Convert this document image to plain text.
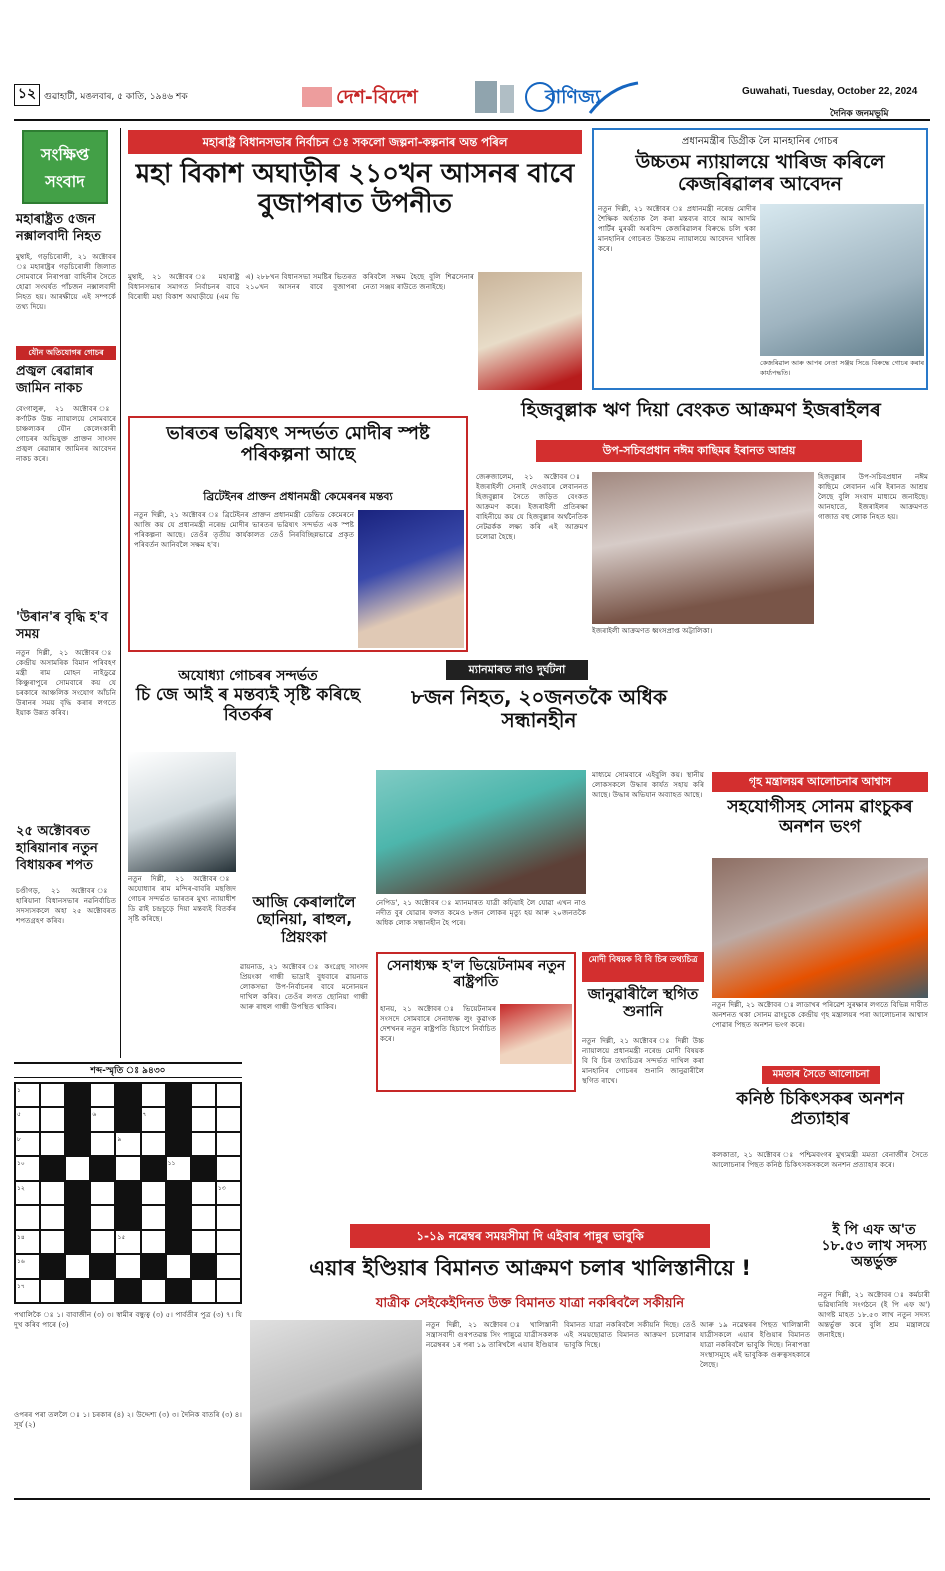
১২ গুৱাহাটী, মঙলবাৰ, ৫ কাতি, ১৯৪৬ শক	দেশ-বিদেশ	বাণিজ্য	Guwahati, Tuesday, October 22, 2024
দৈনিক জনমভূমি
সংক্ষিপ্ত
সংবাদ
মহাৰাষ্ট্ৰত ৫জন নক্সালবাদী নিহত
মুম্বাই, গড়চিৰোলী, ২১ অক্টোবৰ ঃ মহাৰাষ্ট্ৰৰ গড়চিৰোলী জিলাত সোমবাৰে নিৰাপত্তা বাহিনীৰ সৈতে হোৱা সংঘৰ্ষত পাঁচজন নক্সালবাদী নিহত হয়। আৰক্ষীয়ে এই সম্পৰ্কে তথ্য দিয়ে।
যৌন অতিযোগৰ গোচৰ
প্ৰজ্বল ৰেৱান্নাৰ জামিন নাকচ
বেংগালুৰু, ২১ অক্টোবৰ ঃ কৰ্ণাটক উচ্চ ন্যায়ালয়ে সোমবাৰে চাঞ্চল্যকৰ যৌন কেলেংকাৰী গোচৰৰ অভিযুক্ত প্ৰাক্তন সাংসদ প্ৰজ্বল ৰেৱান্নাৰ জামিনৰ আবেদন নাকচ কৰে।
'উৰান'ৰ বৃদ্ধি হ'ব সময়
নতুন দিল্লী, ২১ অক্টোবৰ ঃ কেন্দ্ৰীয় অসামৰিক বিমান পৰিবহণ মন্ত্ৰী ৰাম মোহন নাইডুৱে কিঞ্চুৰাপুৰে সোমবাৰে কয় যে চৰকাৰে আঞ্চলিক সংযোগ আঁচনি উৰানৰ সময় বৃদ্ধি কৰাৰ লগতে ইয়াক উন্নত কৰিব।
২৫ অক্টোবৰত হাৰিয়ানাৰ নতুন বিধায়কৰ শপত
চণ্ডীগড়, ২১ অক্টোবৰ ঃ হাৰিয়ানা বিধানসভাৰ নৱনিৰ্বাচিত সদস্যসকলে অহা ২৫ অক্টোবৰত শপতগ্ৰহণ কৰিব।
শব্দ-স্মৃতি ঃ ৯৪৩০
১
৫	৬	৭
৮	৯
১০	১১
১২	১৩
১৪	১৫
১৬
১৭
পথালিকৈ ঃ ১। বাবাজীন (৩) ৩। স্বামীৰ বন্ধুত্ব (৩) ৫। পাৰ্বতীৰ পুত্ৰ (৩) ৭। যি দুখ কৰিব পাৰে (৩)
ওপৰৰ পৰা তললৈ ঃ ১। চৰকাৰ (৪) ২। উদ্দেশ্য (৩) ৩। দৈনিক বাতৰি (৩) ৪। সূৰ্য (২)
মহাৰাষ্ট্ৰ বিধানসভাৰ নিৰ্বাচন ঃ সকলো জল্পনা-কল্পনাৰ অন্ত পৰিল
মহা বিকাশ অঘাড়ীৰ ২১০খন আসনৰ বাবে বুজাপৰাত উপনীত
মুম্বাই, ২১ অক্টোবৰ ঃ মহাৰাষ্ট্ৰ বিধানসভাৰ সমাগত নিৰ্বাচনৰ বাবে বিৰোধী মহা বিকাশ অঘাড়ীয়ে (এম ভি এ) ২৮৮খন বিধানসভা সমষ্টিৰ ভিতৰত ২১০খন আসনৰ বাবে বুজাপৰা কৰিবলৈ সক্ষম হৈছে বুলি শিৱসেনাৰ নেতা সঞ্জয় ৰাউতে জনাইছে।
প্ৰধানমন্ত্ৰীৰ ডিগ্ৰীক লৈ মানহানিৰ গোচৰ
উচ্চতম ন্যায়ালয়ে খাৰিজ কৰিলে কেজৰিৱালৰ আবেদন
নতুন দিল্লী, ২১ অক্টোবৰ ঃ প্ৰধানমন্ত্ৰী নৰেন্দ্ৰ মোদীৰ শৈক্ষিক অৰ্হতাক লৈ কৰা মন্তব্যৰ বাবে আম আদমি পাৰ্টিৰ মুৰব্বী অৰবিন্দ কেজৰিৱালৰ বিৰুদ্ধে চলি থকা মানহানিৰ গোচৰত উচ্চতম ন্যায়ালয়ে আবেদন খাৰিজ কৰে।
কেজৰিৱাল আৰু আপৰ নেতা সঞ্জয় সিঙে বিৰুদ্ধে গোচৰ কৰাৰ কাৰ্য্যপদ্ধতি।
ভাৰতৰ ভৱিষ্যৎ সন্দৰ্ভত মোদীৰ স্পষ্ট পৰিকল্পনা আছে
ব্ৰিটেইনৰ প্ৰাক্তন প্ৰধানমন্ত্ৰী কেমেৰনৰ মন্তব্য
নতুন দিল্লী, ২১ অক্টোবৰ ঃ ব্ৰিটেইনৰ প্ৰাক্তন প্ৰধানমন্ত্ৰী ডেভিড কেমেৰনে আজি কয় যে প্ৰধানমন্ত্ৰী নৰেন্দ্ৰ মোদীৰ ভাৰতৰ ভৱিষ্যৎ সন্দৰ্ভত এক স্পষ্ট পৰিকল্পনা আছে। তেওঁৰ তৃতীয় কাৰ্যকালত তেওঁ নিৰবিচ্ছিন্নভাৱে প্ৰকৃত পৰিবৰ্তন আনিবলৈ সক্ষম হ'ব।
হিজবুল্লাক ঋণ দিয়া বেংকত আক্ৰমণ ইজৰাইলৰ
উপ-সচিবপ্ৰধান নঈম কাছিমৰ ইৰানত আশ্ৰয়
জেৰুজালেম, ২১ অক্টোবৰ ঃ ইজৰাইলী সেনাই দেওবাৰে লেবাননত হিজবুল্লাৰ সৈতে জড়িত বেংকত আক্ৰমণ কৰে। ইজৰাইলী প্ৰতিৰক্ষা বাহিনীয়ে কয় যে হিজবুল্লাৰ অৰ্থনৈতিক নেটৱৰ্কক লক্ষ্য কৰি এই আক্ৰমণ চলোৱা হৈছে।
ইজৰাইলী আক্ৰমণত ধ্বংসপ্ৰাপ্ত অট্টালিকা।
হিজবুল্লাৰ উপ-সচিবপ্ৰধান নঈম কাছিমে লেবানন এৰি ইৰানত আশ্ৰয় লৈছে বুলি সংবাদ মাধ্যমে জনাইছে। আনহাতে, ইজৰাইলৰ আক্ৰমণত গাজাত বহু লোক নিহত হয়।
অযোধ্যা গোচৰৰ সন্দৰ্ভত
চি জে আই ৰ মন্তব্যই সৃষ্টি কৰিছে বিতৰ্কৰ
নতুন দিল্লী, ২১ অক্টোবৰ ঃ অযোধ্যাৰ ৰাম মন্দিৰ-বাবৰি মছজিদ গোচৰ সন্দৰ্ভত ভাৰতৰ মুখ্য ন্যায়াধীশ ডি ৱাই চন্দ্ৰচূড়ে দিয়া মন্তব্যই বিতৰ্কৰ সৃষ্টি কৰিছে।
আজি কেৰালালৈ ছোনিয়া, ৰাহুল, প্ৰিয়ংকা
ৱায়নাড, ২১ অক্টোবৰ ঃ কংগ্ৰেছ সাংসদ প্ৰিয়ংকা গান্ধী ভাদ্ৰাই বুধবাৰে ৱায়নাড লোকসভা উপ-নিৰ্বাচনৰ বাবে মনোনয়ন দাখিল কৰিব। তেওঁৰ লগত ছোনিয়া গান্ধী আৰু ৰাহুল গান্ধী উপস্থিত থাকিব।
ম্যানমাৰত নাও দুৰ্ঘটনা
৮জন নিহত, ২০জনতকৈ অধিক সন্ধানহীন
নেপিড', ২১ অক্টোবৰ ঃ ম্যানমাৰত যাত্ৰী কঢ়িয়াই লৈ যোৱা এখন নাও নদীত বুৰ যোৱাৰ ফলত কমেও ৮জন লোকৰ মৃত্যু হয় আৰু ২০জনতকৈ অধিক লোক সন্ধানহীন হৈ পৰে।
মাধ্যমে সোমবাৰে এইবুলি কয়। স্থানীয় লোকসকলে উদ্ধাৰ কাৰ্যত সহায় কৰি আছে। উদ্ধাৰ অভিযান অব্যাহত আছে।
সেনাধ্যক্ষ হ'ল ভিয়েটনামৰ নতুন ৰাষ্ট্ৰপতি
হানয়, ২১ অক্টোবৰ ঃ ভিয়েটনামৰ সংসদে সোমবাৰে সেনাধ্যক্ষ লুং কুৱাংক দেশখনৰ নতুন ৰাষ্ট্ৰপতি হিচাপে নিৰ্বাচিত কৰে।
মোদী বিষয়ক বি বি চিৰ তথ্যচিত্ৰ
জানুৱাৰীলৈ স্থগিত শুনানি
নতুন দিল্লী, ২১ অক্টোবৰ ঃ দিল্লী উচ্চ ন্যায়ালয়ে প্ৰধানমন্ত্ৰী নৰেন্দ্ৰ মোদী বিষয়ক বি বি চিৰ তথ্যচিত্ৰৰ সন্দৰ্ভত দাখিল কৰা মানহানিৰ গোচৰৰ শুনানি জানুৱাৰীলৈ স্থগিত ৰাখে।
গৃহ মন্ত্ৰালয়ৰ আলোচনাৰ আশ্বাস
সহযোগীসহ সোনম ৱাংচুকৰ অনশন ভংগ
নতুন দিল্লী, ২১ অক্টোবৰ ঃ লাডাখৰ পৰিৱেশ সুৰক্ষাৰ লগতে বিভিন্ন দাবীত অনশনত থকা সোনম ৱাংচুকে কেন্দ্ৰীয় গৃহ মন্ত্ৰালয়ৰ পৰা আলোচনাৰ আশ্বাস পোৱাৰ পিছত অনশন ভংগ কৰে।
মমতাৰ সৈতে আলোচনা
কনিষ্ঠ চিকিৎসকৰ অনশন প্ৰত্যাহাৰ
কলকাতা, ২১ অক্টোবৰ ঃ পশ্চিমবংগৰ মুখ্যমন্ত্ৰী মমতা বেনাৰ্জীৰ সৈতে আলোচনাৰ পিছত কনিষ্ঠ চিকিৎসকসকলে অনশন প্ৰত্যাহাৰ কৰে।
১-১৯ নৱেম্বৰ সময়সীমা দি এইবাৰ পান্নুৰ ভাবুকি
এয়াৰ ইণ্ডিয়াৰ বিমানত আক্ৰমণ চলাৰ খালিস্তানীয়ে !
যাত্ৰীক সেইকেইদিনত উক্ত বিমানত যাত্ৰা নকৰিবলৈ সকীয়নি
নতুন দিল্লী, ২১ অক্টোবৰ ঃ খালিস্তানী সন্ত্ৰাসবাদী গুৰপতৱন্ত সিং পান্নুৱে যাত্ৰীসকলক নৱেম্বৰৰ ১ৰ পৰা ১৯ তাৰিখলৈ এয়াৰ ইণ্ডিয়াৰ বিমানত যাত্ৰা নকৰিবলৈ সকীয়নি দিছে। তেওঁ এই সময়ছোৱাত বিমানত আক্ৰমণ চলোৱাৰ ভাবুকি দিছে।
আৰু ১৯ নৱেম্বৰৰ পিছত খালিস্তানী যাত্ৰীসকলে এয়াৰ ইণ্ডিয়াৰ বিমানত যাত্ৰা নকৰিবলৈ ভাবুকি দিছে। নিৰাপত্তা সংস্থাসমূহে এই ভাবুকিক গুৰুত্বসহকাৰে লৈছে।
ই পি এফ অ'ত ১৮.৫৩ লাখ সদস্য অন্তৰ্ভুক্ত
নতুন দিল্লী, ২১ অক্টোবৰ ঃ কৰ্মচাৰী ভৱিষ্যনিধি সংগঠনে (ই পি এফ অ') আগষ্ট মাহত ১৮.৫৩ লাখ নতুন সদস্য অন্তৰ্ভুক্ত কৰে বুলি শ্ৰম মন্ত্ৰালয়ে জনাইছে।
